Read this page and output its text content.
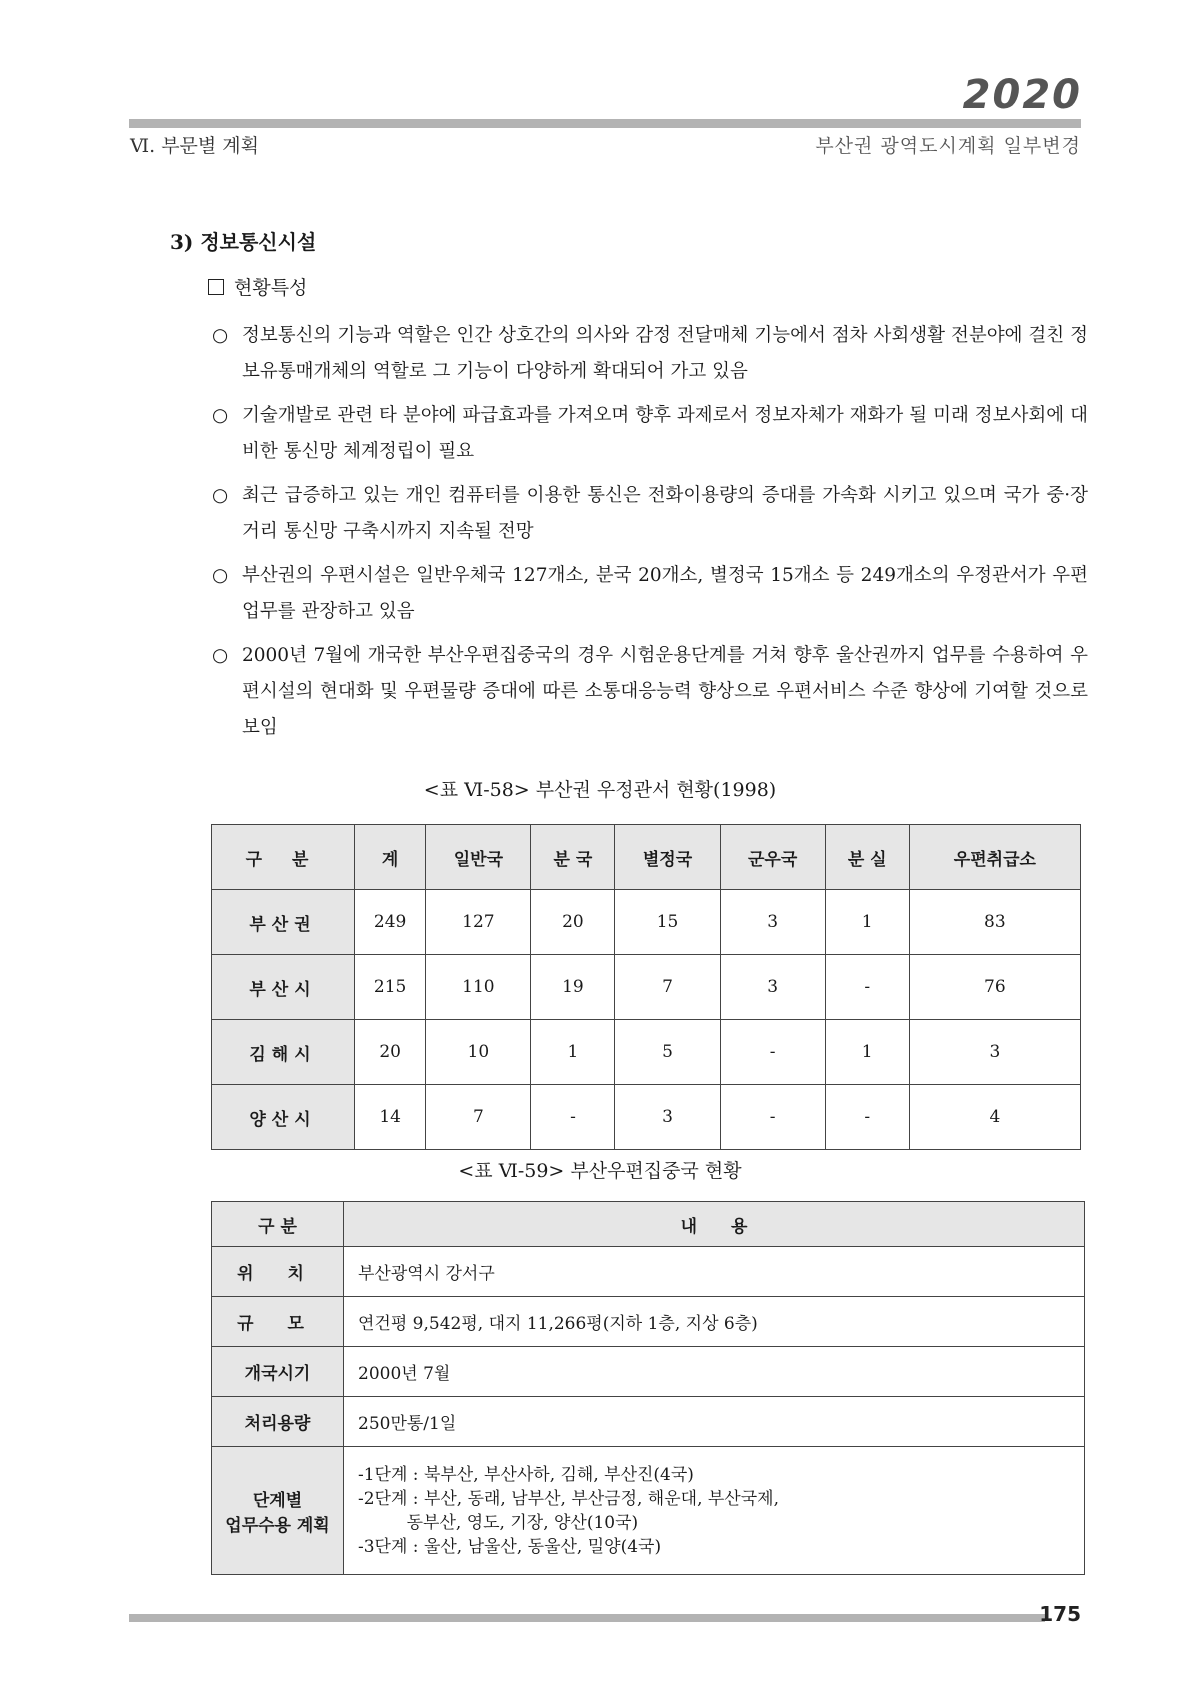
2020
Ⅵ. 부문별 계획	부산권 광역도시계획 일부변경
3) 정보통신시설
현황특성
○ 정보통신의 기능과 역할은 인간 상호간의 의사와 감정 전달매체 기능에서 점차 사회생활 전분야에 걸친 정보유통매개체의 역할로 그 기능이 다양하게 확대되어 가고 있음
○ 기술개발로 관련 타 분야에 파급효과를 가져오며 향후 과제로서 정보자체가 재화가 될 미래 정보사회에 대비한 통신망 체계정립이 필요
○ 최근 급증하고 있는 개인 컴퓨터를 이용한 통신은 전화이용량의 증대를 가속화 시키고 있으며 국가 중·장거리 통신망 구축시까지 지속될 전망
○ 부산권의 우편시설은 일반우체국 127개소, 분국 20개소, 별정국 15개소 등 249개소의 우정관서가 우편업무를 관장하고 있음
○ 2000년 7월에 개국한 부산우편집중국의 경우 시험운용단계를 거쳐 향후 울산권까지 업무를 수용하여 우편시설의 현대화 및 우편물량 증대에 따른 소통대응능력 향상으로 우편서비스 수준 향상에 기여할 것으로 보임
<표 Ⅵ-58> 부산권 우정관서 현황(1998)
구 분	계	일반국	분 국	별정국	군우국	분 실	우편취급소
부산권	249	127	20	15	3	1	83
부산시	215	110	19	7	3	-	76
김해시	20	10	1	5	-	1	3
양산시	14	7	-	3	-	-	4
<표 Ⅵ-59> 부산우편집중국 현황
구 분	내　　용
위 치	부산광역시 강서구
규 모	연건평 9,542평, 대지 11,266평(지하 1층, 지상 6층)
개국시기	2000년 7월
처리용량	250만통/1일

단계별
업무수용 계획	-1단계 : 북부산, 부산사하, 김해, 부산진(4국)
-2단계 : 부산, 동래, 남부산, 부산금정, 해운대, 부산국제,
동부산, 영도, 기장, 양산(10국)
-3단계 : 울산, 남울산, 동울산, 밀양(4국)
175
